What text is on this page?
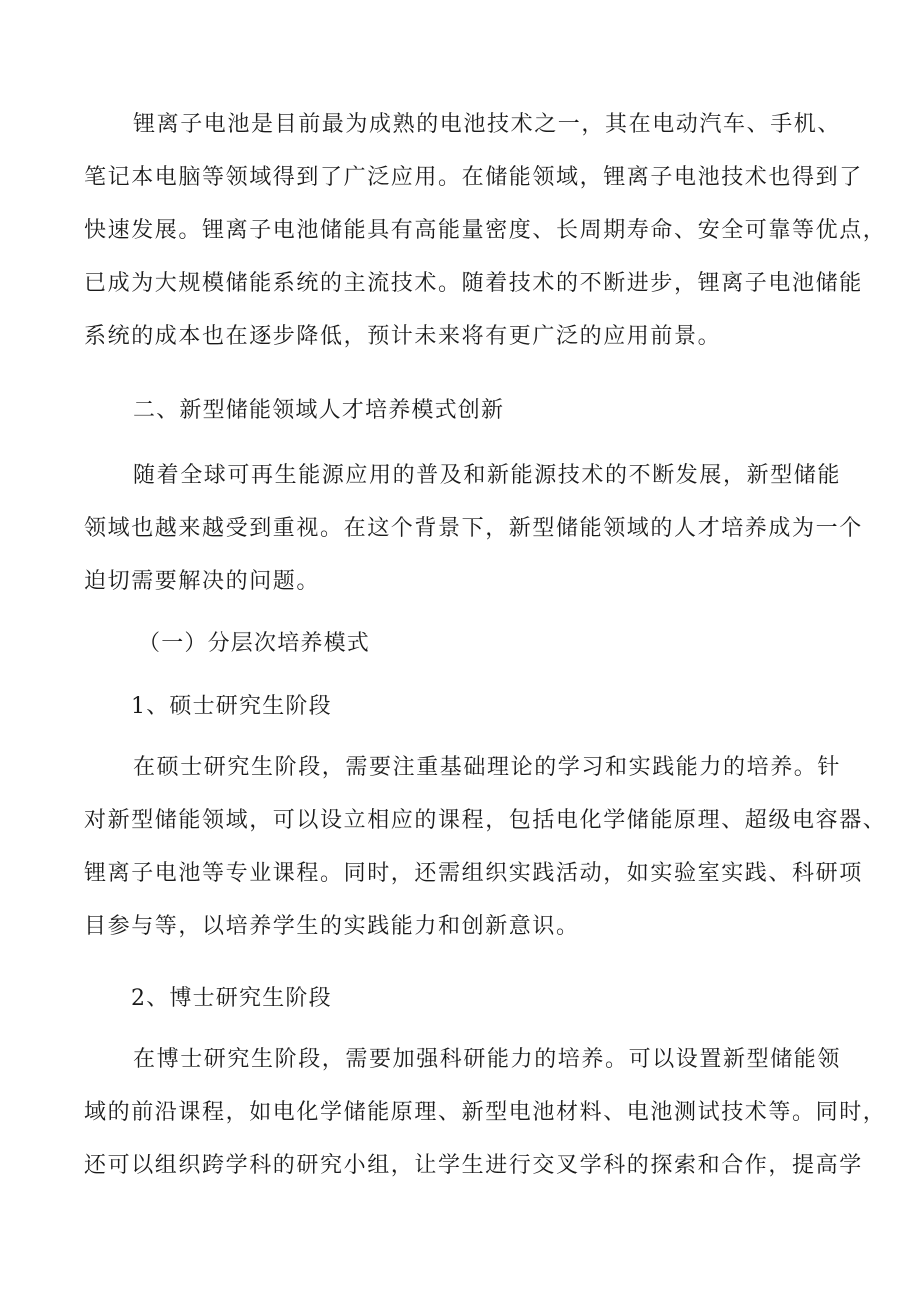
锂离子电池是目前最为成熟的电池技术之一，其在电动汽车、手机、

笔记本电脑等领域得到了广泛应用。在储能领域，锂离子电池技术也得到了

快速发展。锂离子电池储能具有高能量密度、长周期寿命、安全可靠等优点，

已成为大规模储能系统的主流技术。随着技术的不断进步，锂离子电池储能

系统的成本也在逐步降低，预计未来将有更广泛的应用前景。

二、新型储能领域人才培养模式创新

随着全球可再生能源应用的普及和新能源技术的不断发展，新型储能

领域也越来越受到重视。在这个背景下，新型储能领域的人才培养成为一个

迫切需要解决的问题。

（一）分层次培养模式

1、硕士研究生阶段

在硕士研究生阶段，需要注重基础理论的学习和实践能力的培养。针

对新型储能领域，可以设立相应的课程，包括电化学储能原理、超级电容器、

锂离子电池等专业课程。同时，还需组织实践活动，如实验室实践、科研项

目参与等，以培养学生的实践能力和创新意识。

2、博士研究生阶段

在博士研究生阶段，需要加强科研能力的培养。可以设置新型储能领

域的前沿课程，如电化学储能原理、新型电池材料、电池测试技术等。同时，

还可以组织跨学科的研究小组，让学生进行交叉学科的探索和合作，提高学
